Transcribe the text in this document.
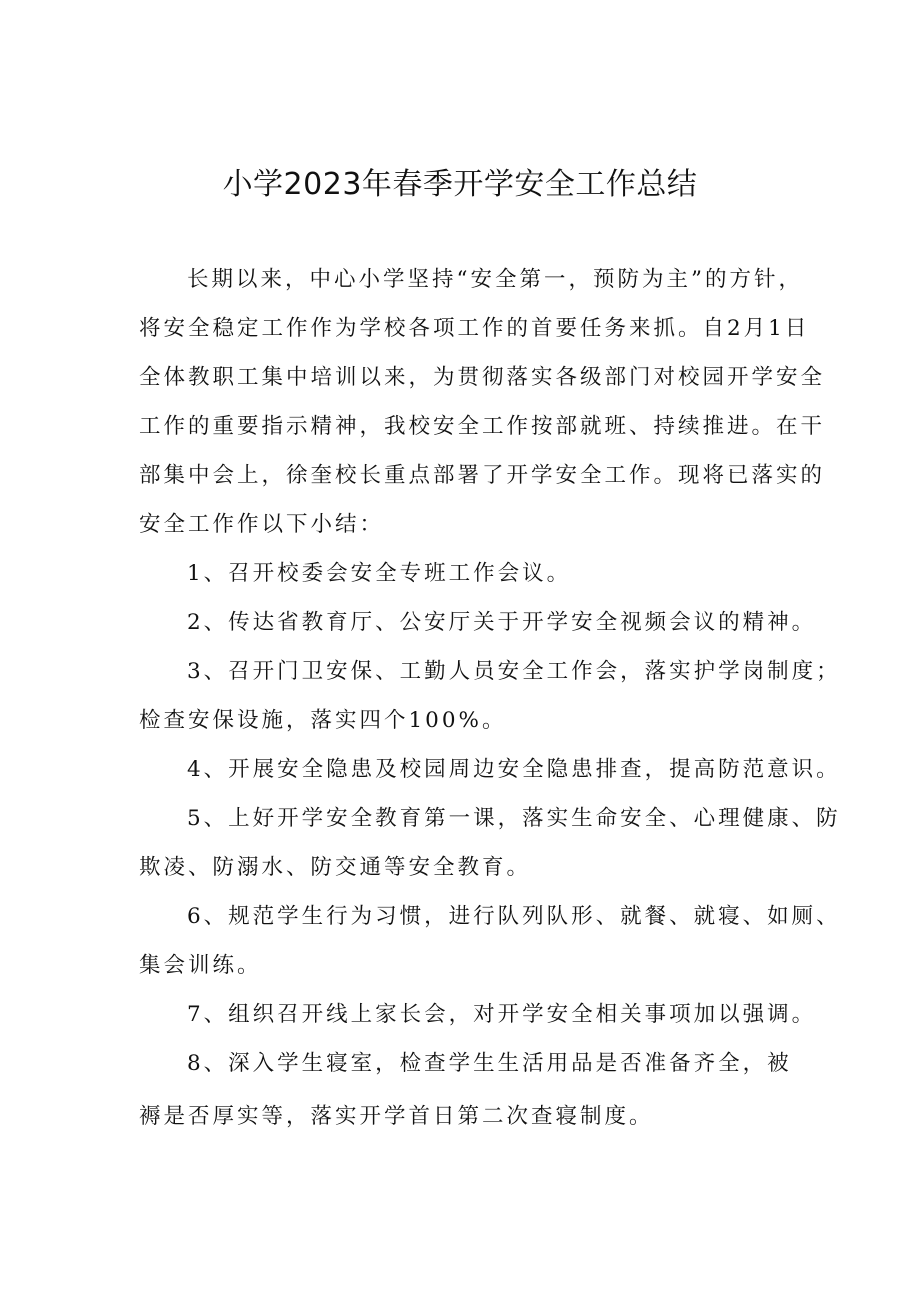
小学2023年春季开学安全工作总结
长期以来，中心小学坚持“安全第一，预防为主”的方针，
将安全稳定工作作为学校各项工作的首要任务来抓。自2月1日
全体教职工集中培训以来，为贯彻落实各级部门对校园开学安全
工作的重要指示精神，我校安全工作按部就班、持续推进。在干
部集中会上，徐奎校长重点部署了开学安全工作。现将已落实的
安全工作作以下小结：
1、召开校委会安全专班工作会议。
2、传达省教育厅、公安厅关于开学安全视频会议的精神。
3、召开门卫安保、工勤人员安全工作会，落实护学岗制度；
检查安保设施，落实四个100%。
4、开展安全隐患及校园周边安全隐患排查，提高防范意识。
5、上好开学安全教育第一课，落实生命安全、心理健康、防
欺凌、防溺水、防交通等安全教育。
6、规范学生行为习惯，进行队列队形、就餐、就寝、如厕、
集会训练。
7、组织召开线上家长会，对开学安全相关事项加以强调。
8、深入学生寝室，检查学生生活用品是否准备齐全，被
褥是否厚实等，落实开学首日第二次查寝制度。
